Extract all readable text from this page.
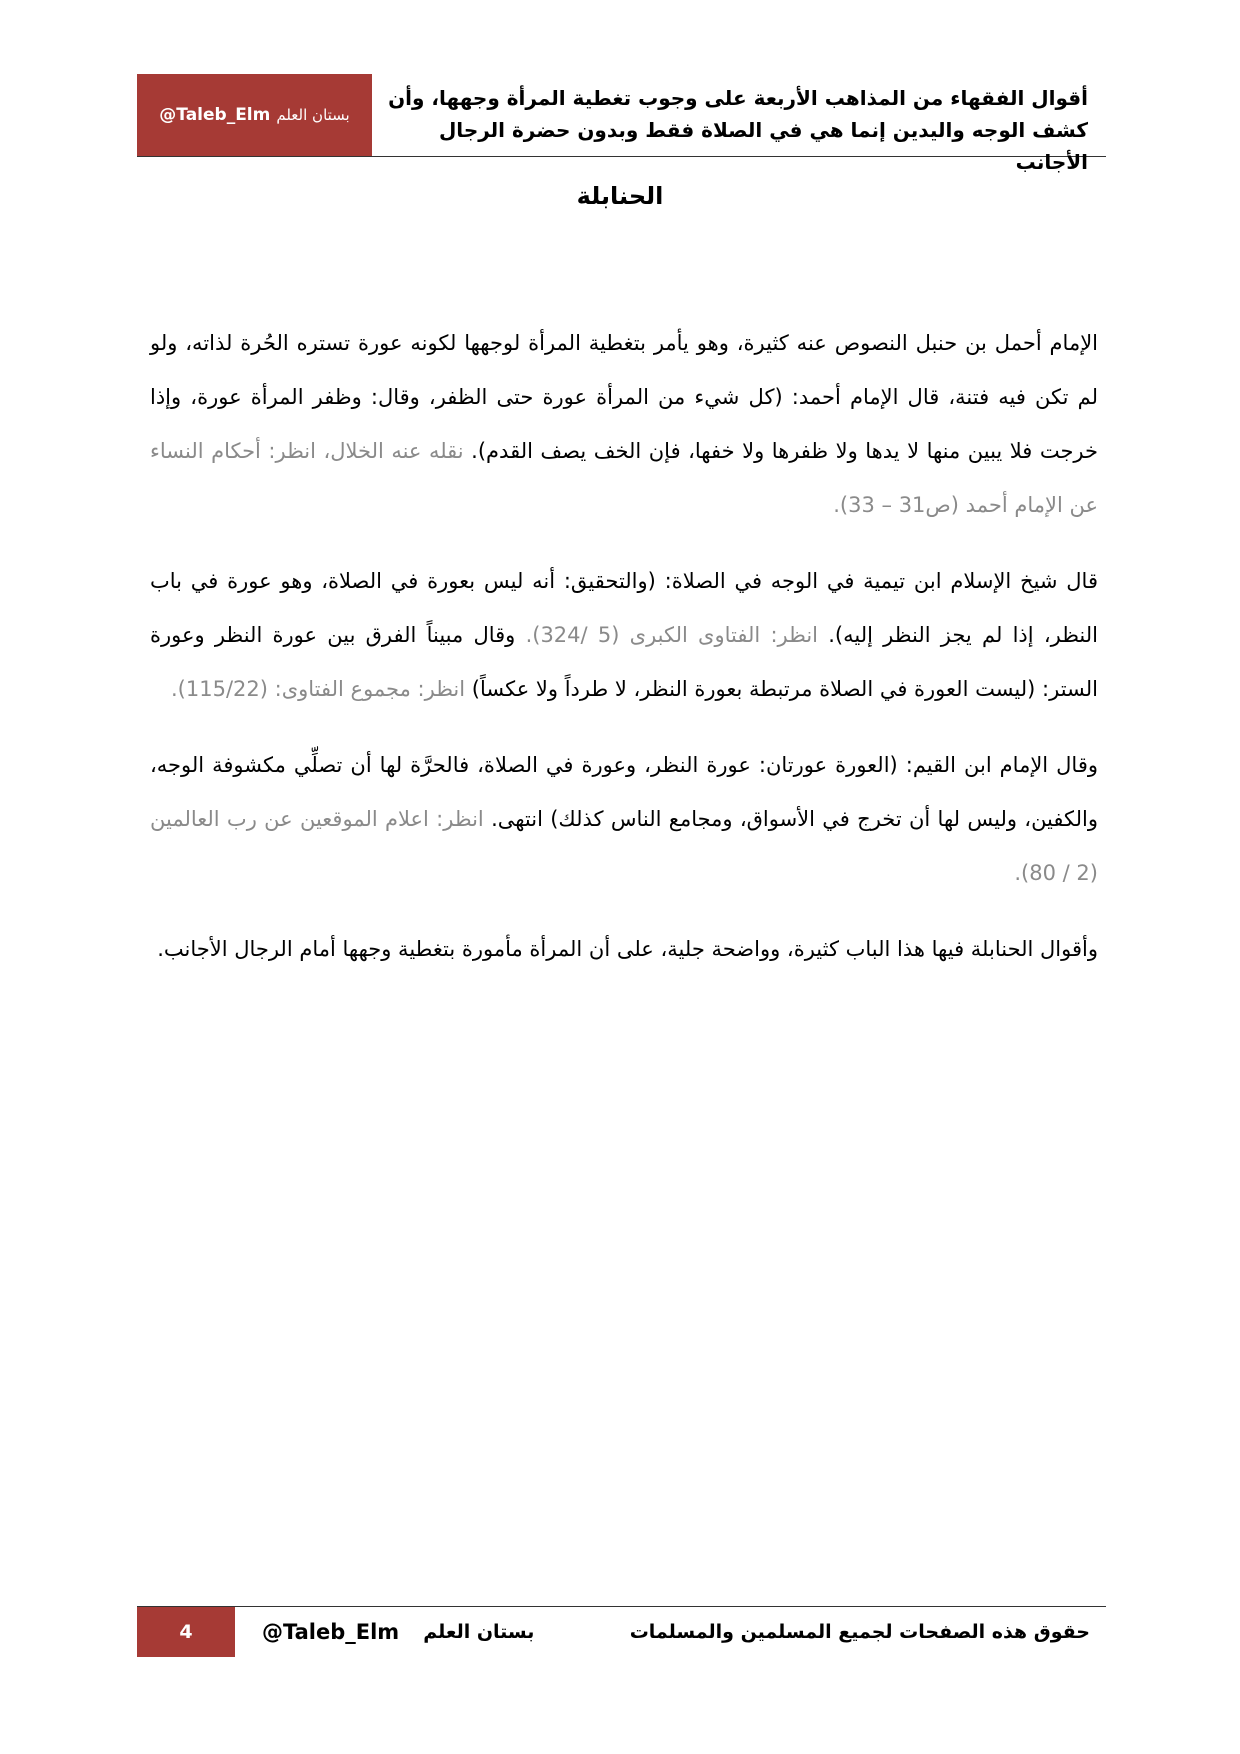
بستان العلم
@Taleb_Elm
أقوال الفقهاء من المذاهب الأربعة على وجوب تغطية المرأة وجهها، وأن
كشف الوجه واليدين إنما هي في الصلاة فقط وبدون حضرة الرجال الأجانب
الحنابلة

الإمام أحمل بن حنبل النصوص عنه كثيرة، وهو يأمر بتغطية المرأة لوجهها لكونه عورة تستره الحُرة لذاته، ولو لم تكن فيه فتنة، قال الإمام أحمد: (كل شيء من المرأة عورة حتى الظفر، وقال: وظفر المرأة عورة، وإذا خرجت فلا يبين منها لا يدها ولا ظفرها ولا خفها، فإن الخف يصف القدم). نقله عنه الخلال، انظر: أحكام النساء عن الإمام أحمد (ص31 – 33).

قال شيخ الإسلام ابن تيمية في الوجه في الصلاة: (والتحقيق: أنه ليس بعورة في الصلاة، وهو عورة في باب النظر، إذا لم يجز النظر إليه). انظر: الفتاوى الكبرى (5 /324). وقال مبيناً الفرق بين عورة النظر وعورة الستر: (ليست العورة في الصلاة مرتبطة بعورة النظر، لا طرداً ولا عكساً) انظر: مجموع الفتاوى: (115/22).

وقال الإمام ابن القيم: (العورة عورتان: عورة النظر، وعورة في الصلاة، فالحرَّة لها أن تصلِّي مكشوفة الوجه، والكفين، وليس لها أن تخرج في الأسواق، ومجامع الناس كذلك) انتهى. انظر: اعلام الموقعين عن رب العالمين (2 / 80).

وأقوال الحنابلة فيها هذا الباب كثيرة، وواضحة جلية، على أن المرأة مأمورة بتغطية وجهها أمام الرجال الأجانب.

4	بستان العلم
@Taleb_Elm	حقوق هذه الصفحات لجميع المسلمين والمسلمات
